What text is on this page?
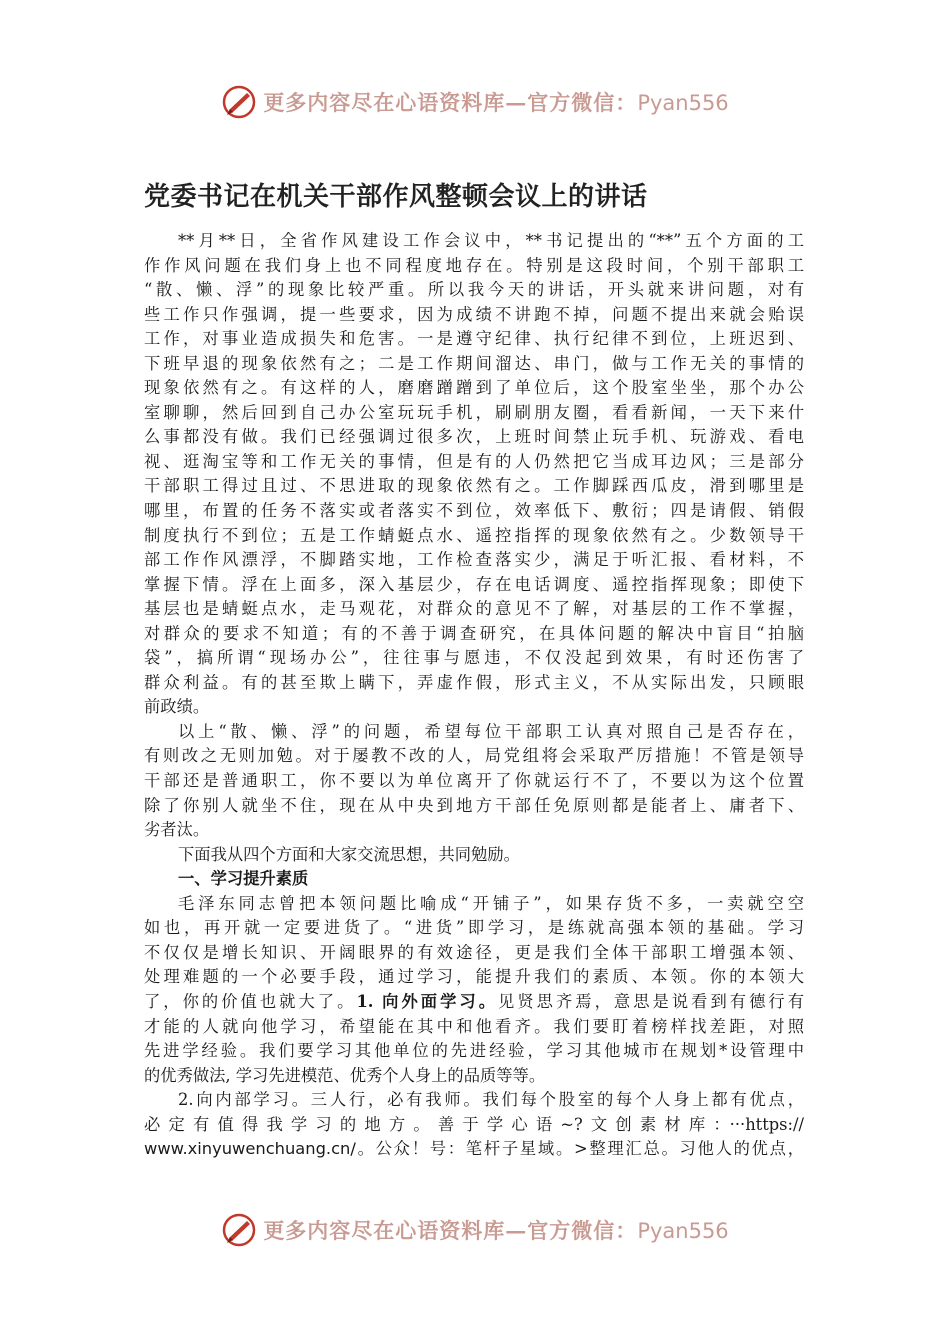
更多内容尽在心语资料库—官方微信：Pyan556
党委书记在机关干部作风整顿会议上的讲话
**月**日，全省作风建设工作会议中，**书记提出的“**”五个方面的工
作作风问题在我们身上也不同程度地存在。特别是这段时间，个别干部职工
“散、懒、浮”的现象比较严重。所以我今天的讲话，开头就来讲问题，对有
些工作只作强调，提一些要求，因为成绩不讲跑不掉，问题不提出来就会贻误
工作，对事业造成损失和危害。一是遵守纪律、执行纪律不到位，上班迟到、
下班早退的现象依然有之；二是工作期间溜达、串门，做与工作无关的事情的
现象依然有之。有这样的人，磨磨蹭蹭到了单位后，这个股室坐坐，那个办公
室聊聊，然后回到自己办公室玩玩手机，刷刷朋友圈，看看新闻，一天下来什
么事都没有做。我们已经强调过很多次，上班时间禁止玩手机、玩游戏、看电
视、逛淘宝等和工作无关的事情，但是有的人仍然把它当成耳边风；三是部分
干部职工得过且过、不思进取的现象依然有之。工作脚踩西瓜皮，滑到哪里是
哪里，布置的任务不落实或者落实不到位，效率低下、敷衍；四是请假、销假
制度执行不到位；五是工作蜻蜓点水、遥控指挥的现象依然有之。少数领导干
部工作作风漂浮，不脚踏实地，工作检查落实少，满足于听汇报、看材料，不
掌握下情。浮在上面多，深入基层少，存在电话调度、遥控指挥现象；即使下
基层也是蜻蜓点水，走马观花，对群众的意见不了解，对基层的工作不掌握，
对群众的要求不知道；有的不善于调查研究，在具体问题的解决中盲目“拍脑
袋”，搞所谓“现场办公”，往往事与愿违，不仅没起到效果，有时还伤害了
群众利益。有的甚至欺上瞒下，弄虚作假，形式主义，不从实际出发，只顾眼
前政绩。
以上“散、懒、浮”的问题，希望每位干部职工认真对照自己是否存在，
有则改之无则加勉。对于屡教不改的人，局党组将会采取严厉措施！不管是领导
干部还是普通职工，你不要以为单位离开了你就运行不了，不要以为这个位置
除了你别人就坐不住，现在从中央到地方干部任免原则都是能者上、庸者下、
劣者汰。
下面我从四个方面和大家交流思想，共同勉励。
一、学习提升素质
毛泽东同志曾把本领问题比喻成“开铺子”，如果存货不多，一卖就空空
如也，再开就一定要进货了。“进货”即学习，是练就高强本领的基础。学习
不仅仅是增长知识、开阔眼界的有效途径，更是我们全体干部职工增强本领、
处理难题的一个必要手段，通过学习，能提升我们的素质、本领。你的本领大
了，你的价值也就大了。1. 向外面学习。见贤思齐焉，意思是说看到有德行有
才能的人就向他学习，希望能在其中和他看齐。我们要盯着榜样找差距，对照
先进学经验。我们要学习其他单位的先进经验，学习其他城市在规划*设管理中
的优秀做法, 学习先进模范、优秀个人身上的品质等等。
2.向内部学习。三人行，必有我师。我们每个股室的每个人身上都有优点，
必定有值得我学习的地方。善于学心语~?文创素材库：···https://
www.xinyuwenchuang.cn/。公众！号：笔杆子星域。>整理汇总。习他人的优点，
更多内容尽在心语资料库—官方微信：Pyan556
